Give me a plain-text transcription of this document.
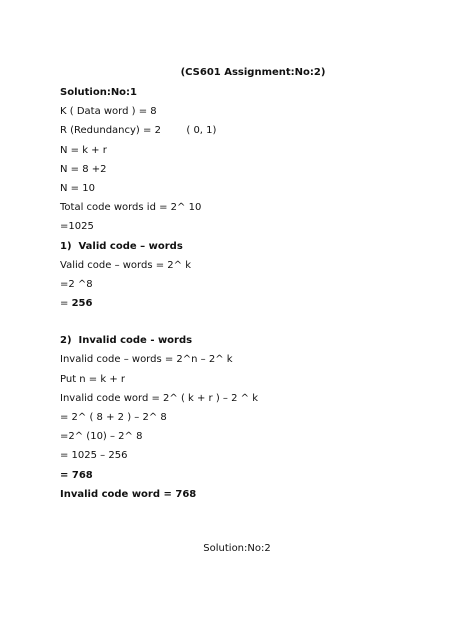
(CS601 Assignment:No:2)
Solution:No:1
K ( Data word ) = 8
R (Redundancy) = 2        ( 0, 1)
N = k + r
N = 8 +2
N = 10
Total code words id = 2^ 10
=1025
1)  Valid code – words
Valid code – words = 2^ k
=2 ^8
= 256
2)  Invalid code - words
Invalid code – words = 2^n – 2^ k
Put n = k + r
Invalid code word = 2^ ( k + r ) – 2 ^ k
= 2^ ( 8 + 2 ) – 2^ 8
=2^ (10) – 2^ 8
= 1025 – 256
= 768
Invalid code word = 768
Solution:No:2
